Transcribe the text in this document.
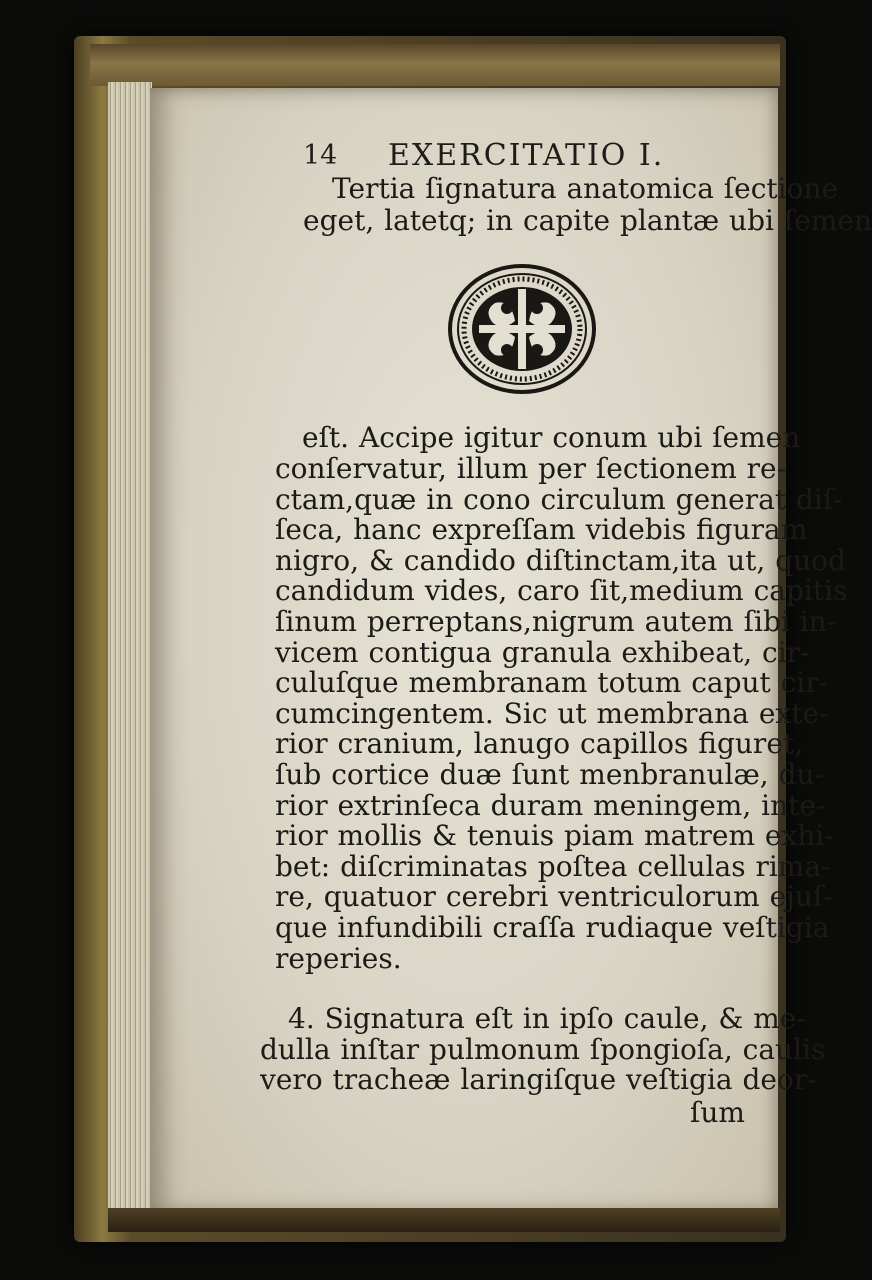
14 EXERCITATIO I.
Tertia ſignatura anatomica ſectione
eget, latetq; in capite plantæ ubi ſemen
eſt. Accipe igitur conum ubi ſemen
conſervatur, illum per ſectionem re-
ctam,quæ in cono circulum generat diſ-
ſeca, hanc expreſſam videbis figuram
nigro, & candido diſtinctam,ita ut, quod
candidum vides, caro ſit,medium capitis
ſinum perreptans,nigrum autem ſibi in-
vicem contigua granula exhibeat, cir-
culuſque membranam totum caput cir-
cumcingentem. Sic ut membrana exte-
rior cranium, lanugo capillos figuret,
ſub cortice duæ ſunt menbranulæ, du-
rior extrinſeca duram meningem, inte-
rior mollis & tenuis piam matrem exhi-
bet: diſcriminatas poſtea cellulas rima-
re, quatuor cerebri ventriculorum ejuſ-
que infundibili craſſa rudiaque veſtigia
reperies.
4. Signatura eſt in ipſo caule, & me-
dulla inſtar pulmonum ſpongioſa, caulis
vero tracheæ laringiſque veſtigia deor-
ſum
